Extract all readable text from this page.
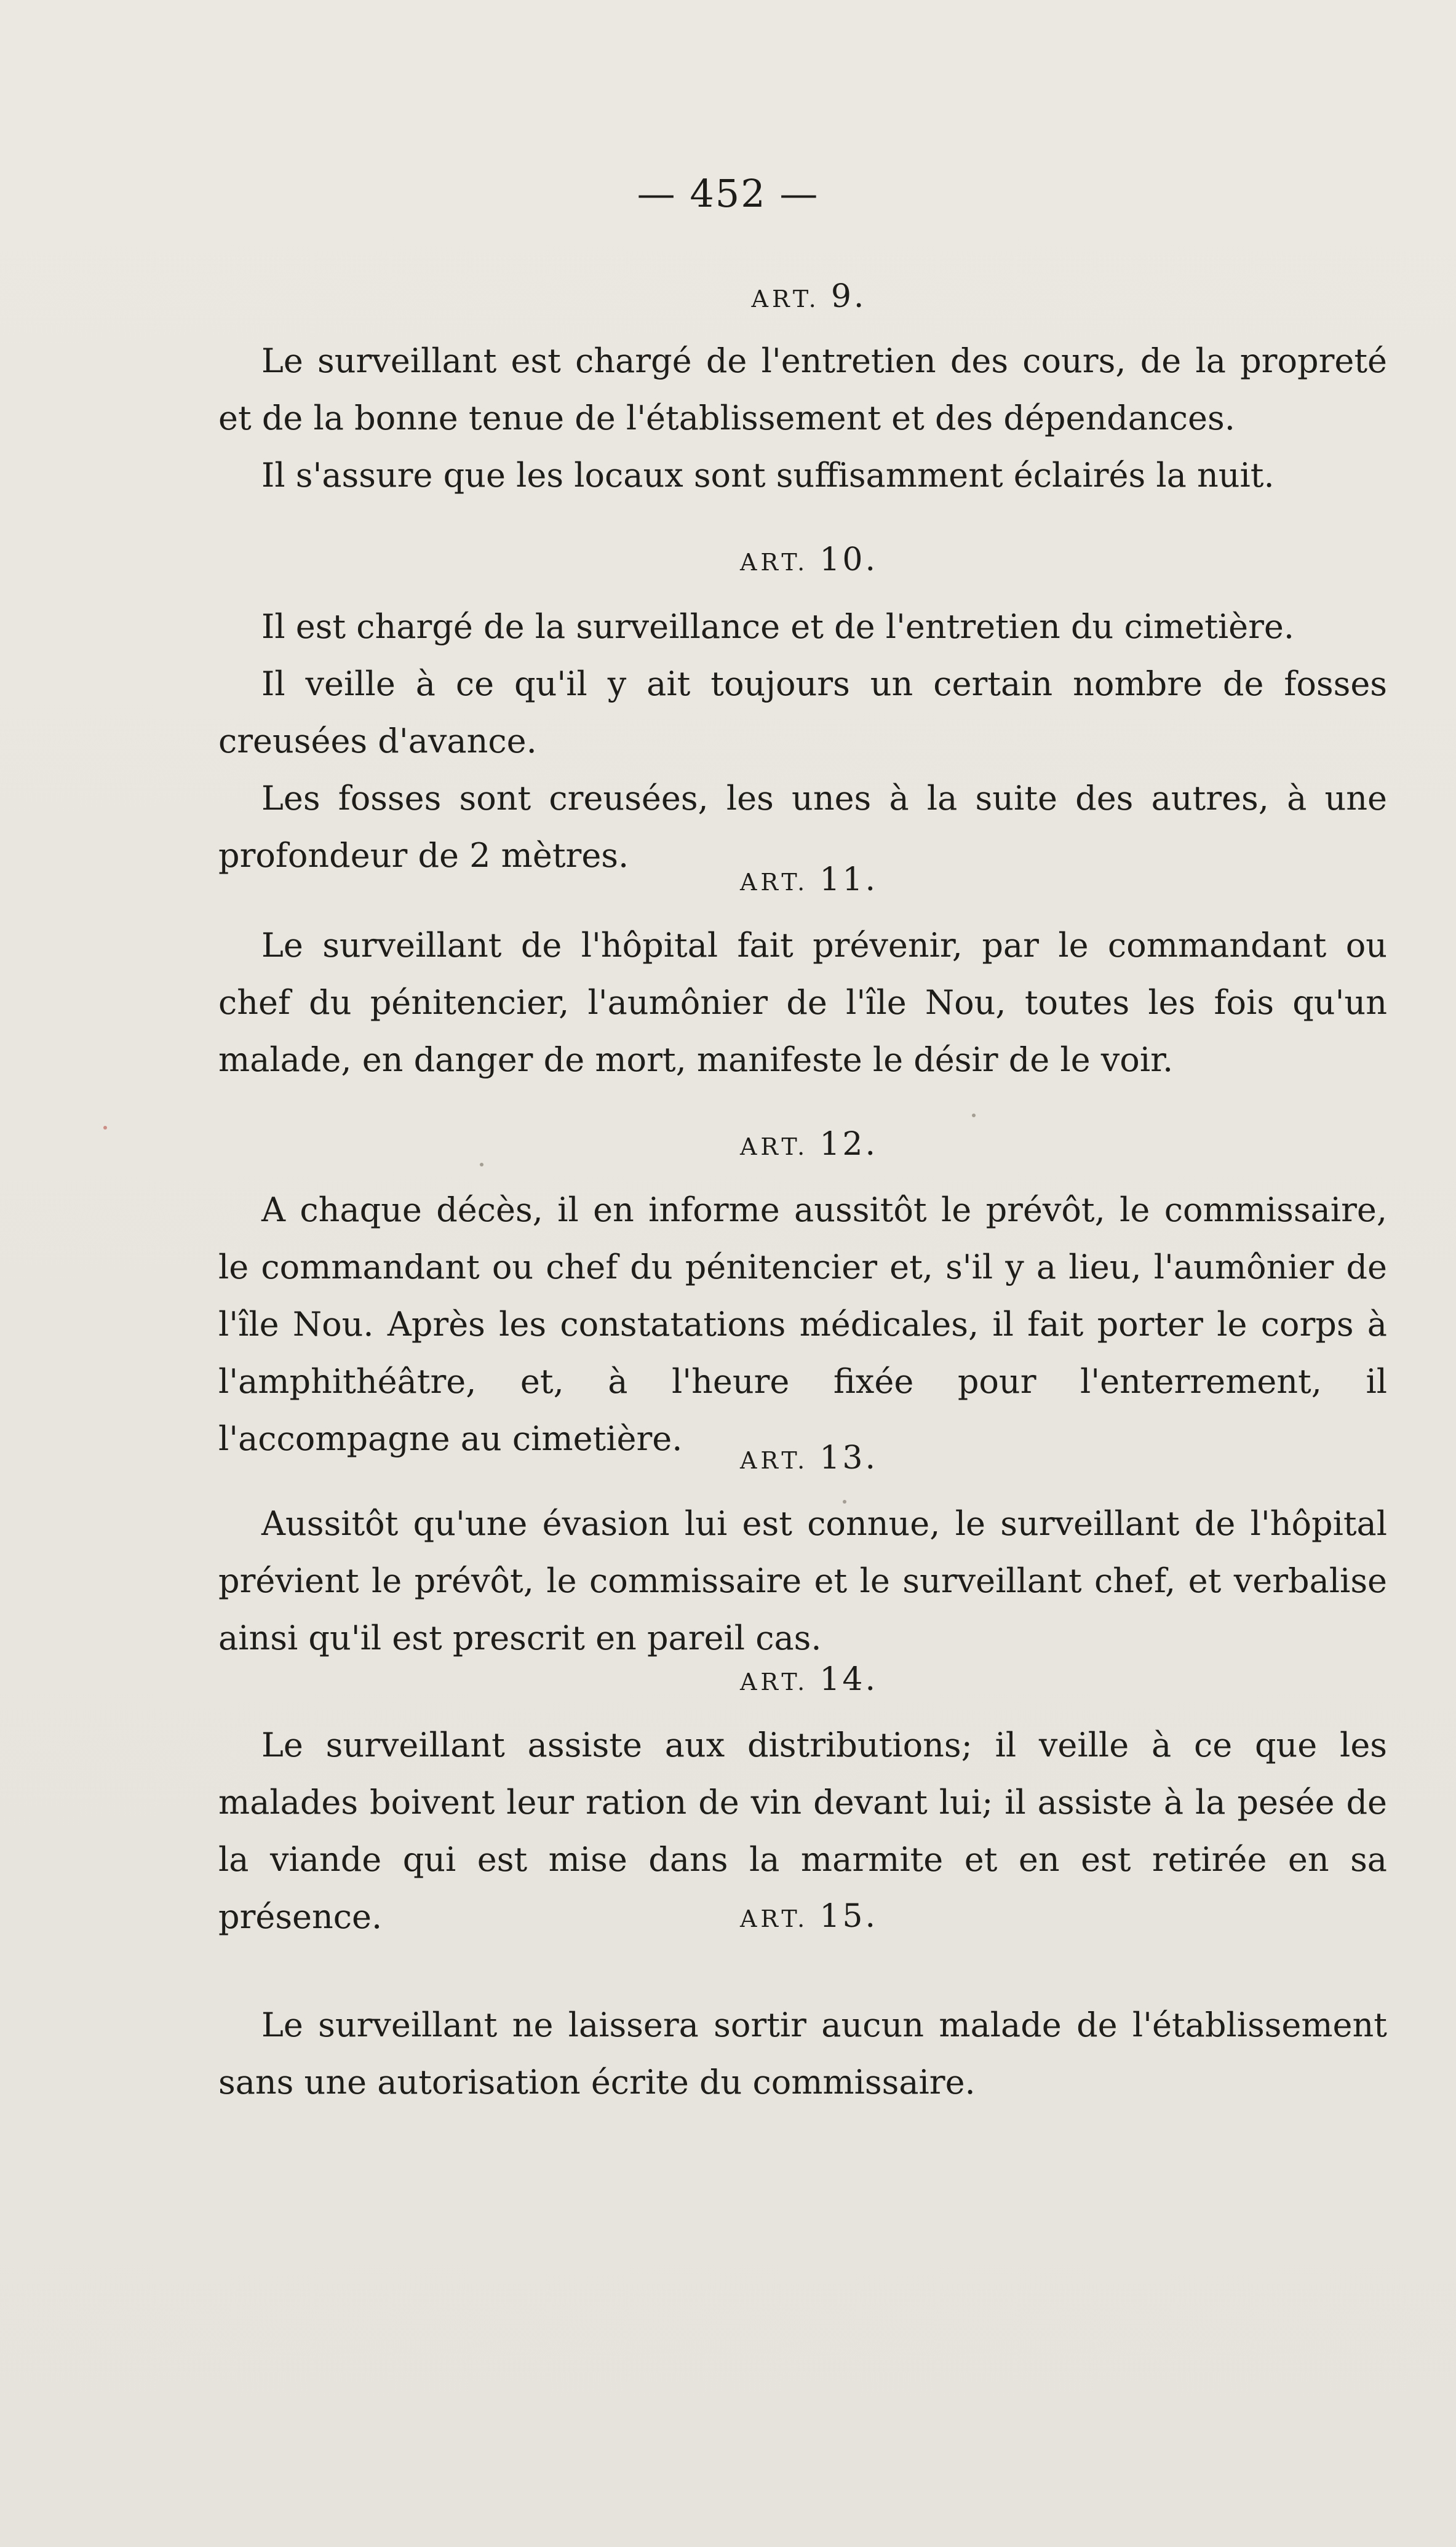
— 452 —
ART. 9.

Le surveillant est chargé de l'entretien des cours, de la propreté et de la bonne tenue de l'établissement et des dépendances.

Il s'assure que les locaux sont suffisamment éclairés la nuit.

ART. 10.

Il est chargé de la surveillance et de l'entretien du cimetière.

Il veille à ce qu'il y ait toujours un certain nombre de fosses creusées d'avance.

Les fosses sont creusées, les unes à la suite des autres, à une profondeur de 2 mètres.

ART. 11.

Le surveillant de l'hôpital fait prévenir, par le commandant ou chef du pénitencier, l'aumônier de l'île Nou, toutes les fois qu'un malade, en danger de mort, manifeste le désir de le voir.

ART. 12.

A chaque décès, il en informe aussitôt le prévôt, le commissaire, le commandant ou chef du pénitencier et, s'il y a lieu, l'aumônier de l'île Nou. Après les constatations médicales, il fait porter le corps à l'amphithéâtre, et, à l'heure fixée pour l'enterrement, il l'accompagne au cimetière.

ART. 13.

Aussitôt qu'une évasion lui est connue, le surveillant de l'hôpital prévient le prévôt, le commissaire et le surveillant chef, et verbalise ainsi qu'il est prescrit en pareil cas.

ART. 14.

Le surveillant assiste aux distributions; il veille à ce que les malades boivent leur ration de vin devant lui; il assiste à la pesée de la viande qui est mise dans la marmite et en est retirée en sa présence.	ART. 15.

Le surveillant ne laissera sortir aucun malade de l'établissement sans une autorisation écrite du commissaire.
